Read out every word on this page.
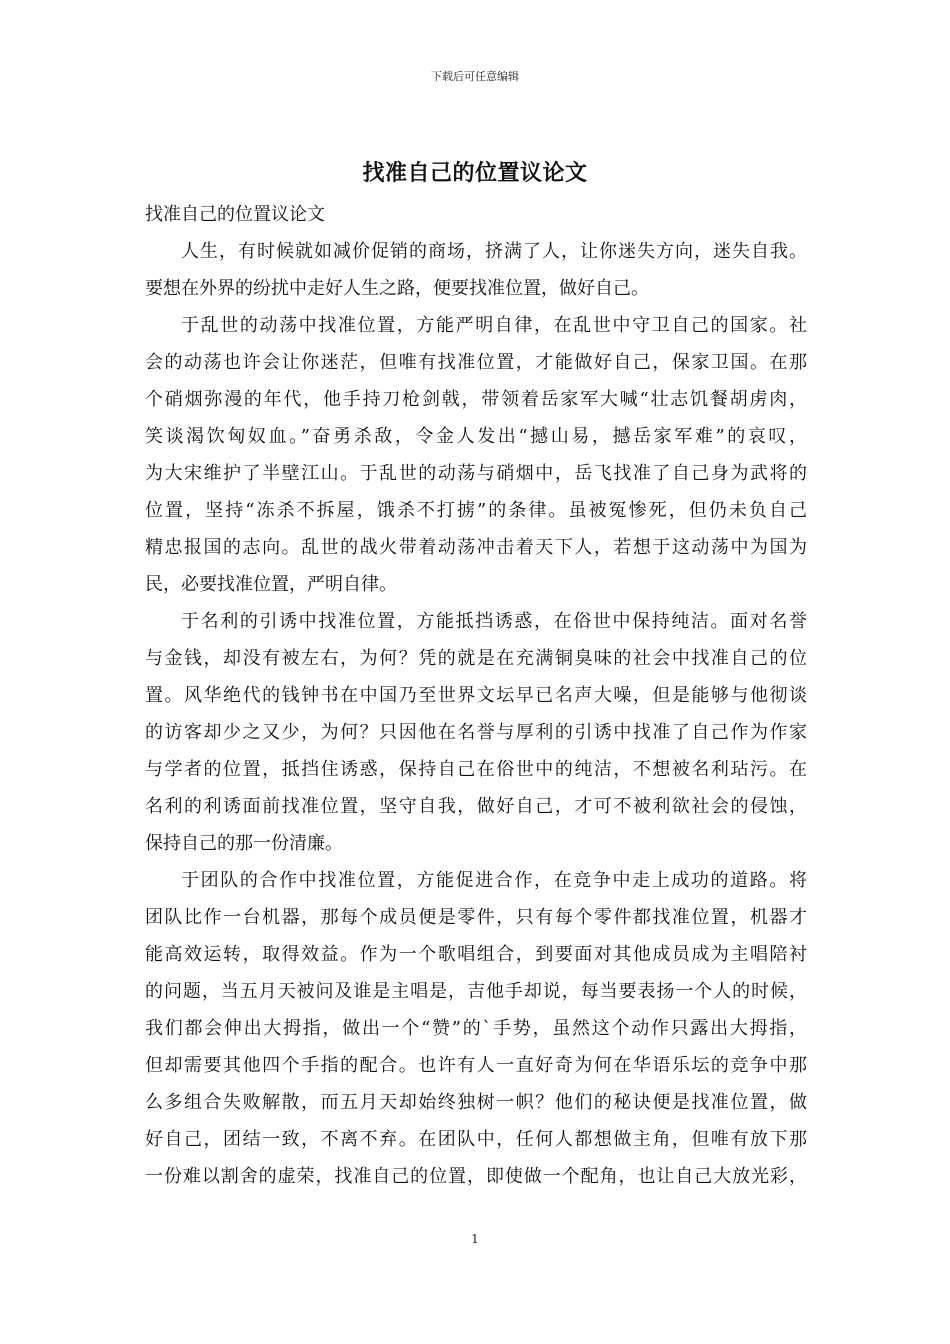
下载后可任意编辑
找准自己的位置议论文
找准自己的位置议论文
人生，有时候就如减价促销的商场，挤满了人，让你迷失方向，迷失自我。
要想在外界的纷扰中走好人生之路，便要找准位置，做好自己。
于乱世的动荡中找准位置，方能严明自律，在乱世中守卫自己的国家。社
会的动荡也许会让你迷茫，但唯有找准位置，才能做好自己，保家卫国。在那
个硝烟弥漫的年代，他手持刀枪剑戟，带领着岳家军大喊“壮志饥餐胡虏肉，
笑谈渴饮匈奴血。”奋勇杀敌，令金人发出“撼山易，撼岳家军难”的哀叹，
为大宋维护了半壁江山。于乱世的动荡与硝烟中，岳飞找准了自己身为武将的
位置，坚持“冻杀不拆屋，饿杀不打掳”的条律。虽被冤惨死，但仍未负自己
精忠报国的志向。乱世的战火带着动荡冲击着天下人，若想于这动荡中为国为
民，必要找准位置，严明自律。
于名利的引诱中找准位置，方能抵挡诱惑，在俗世中保持纯洁。面对名誉
与金钱，却没有被左右，为何？凭的就是在充满铜臭味的社会中找准自己的位
置。风华绝代的钱钟书在中国乃至世界文坛早已名声大噪，但是能够与他彻谈
的访客却少之又少，为何？只因他在名誉与厚利的引诱中找准了自己作为作家
与学者的位置，抵挡住诱惑，保持自己在俗世中的纯洁，不想被名利玷污。在
名利的利诱面前找准位置，坚守自我，做好自己，才可不被利欲社会的侵蚀，
保持自己的那一份清廉。
于团队的合作中找准位置，方能促进合作，在竞争中走上成功的道路。将
团队比作一台机器，那每个成员便是零件，只有每个零件都找准位置，机器才
能高效运转，取得效益。作为一个歌唱组合，到要面对其他成员成为主唱陪衬
的问题，当五月天被问及谁是主唱是，吉他手却说，每当要表扬一个人的时候，
我们都会伸出大拇指，做出一个“赞”的`手势，虽然这个动作只露出大拇指，
但却需要其他四个手指的配合。也许有人一直好奇为何在华语乐坛的竞争中那
么多组合失败解散，而五月天却始终独树一帜？他们的秘诀便是找准位置，做
好自己，团结一致，不离不弃。在团队中，任何人都想做主角，但唯有放下那
一份难以割舍的虚荣，找准自己的位置，即使做一个配角，也让自己大放光彩，
1
